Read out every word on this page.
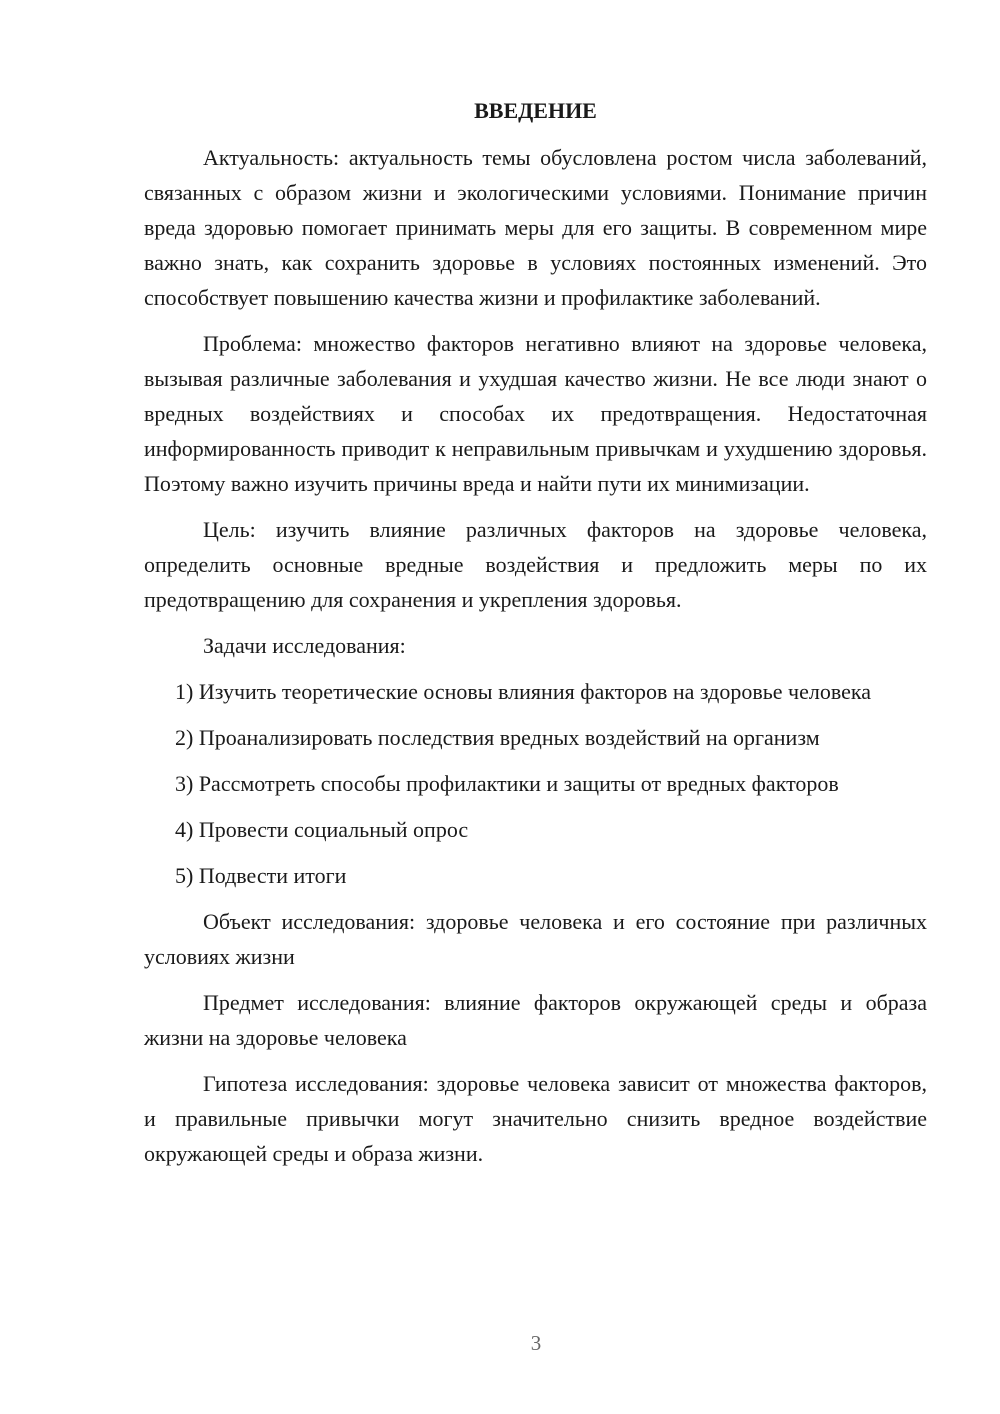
ВВЕДЕНИЕ

Актуальность: актуальность темы обусловлена ростом числа заболеваний, связанных с образом жизни и экологическими условиями. Понимание причин вреда здоровью помогает принимать меры для его защиты. В современном мире важно знать, как сохранить здоровье в условиях постоянных изменений. Это способствует повышению качества жизни и профилактике заболеваний.

Проблема: множество факторов негативно влияют на здоровье человека, вызывая различные заболевания и ухудшая качество жизни. Не все люди знают о вредных воздействиях и способах их предотвращения. Недостаточная информированность приводит к неправильным привычкам и ухудшению здоровья. Поэтому важно изучить причины вреда и найти пути их минимизации.

Цель: изучить влияние различных факторов на здоровье человека, определить основные вредные воздействия и предложить меры по их предотвращению для сохранения и укрепления здоровья.

Задачи исследования:

1) Изучить теоретические основы влияния факторов на здоровье человека

2) Проанализировать последствия вредных воздействий на организм

3) Рассмотреть способы профилактики и защиты от вредных факторов

4) Провести социальный опрос

5) Подвести итоги

Объект исследования: здоровье человека и его состояние при различных условиях жизни

Предмет исследования: влияние факторов окружающей среды и образа жизни на здоровье человека

Гипотеза исследования: здоровье человека зависит от множества факторов, и правильные привычки могут значительно снизить вредное воздействие окружающей среды и образа жизни.

3
